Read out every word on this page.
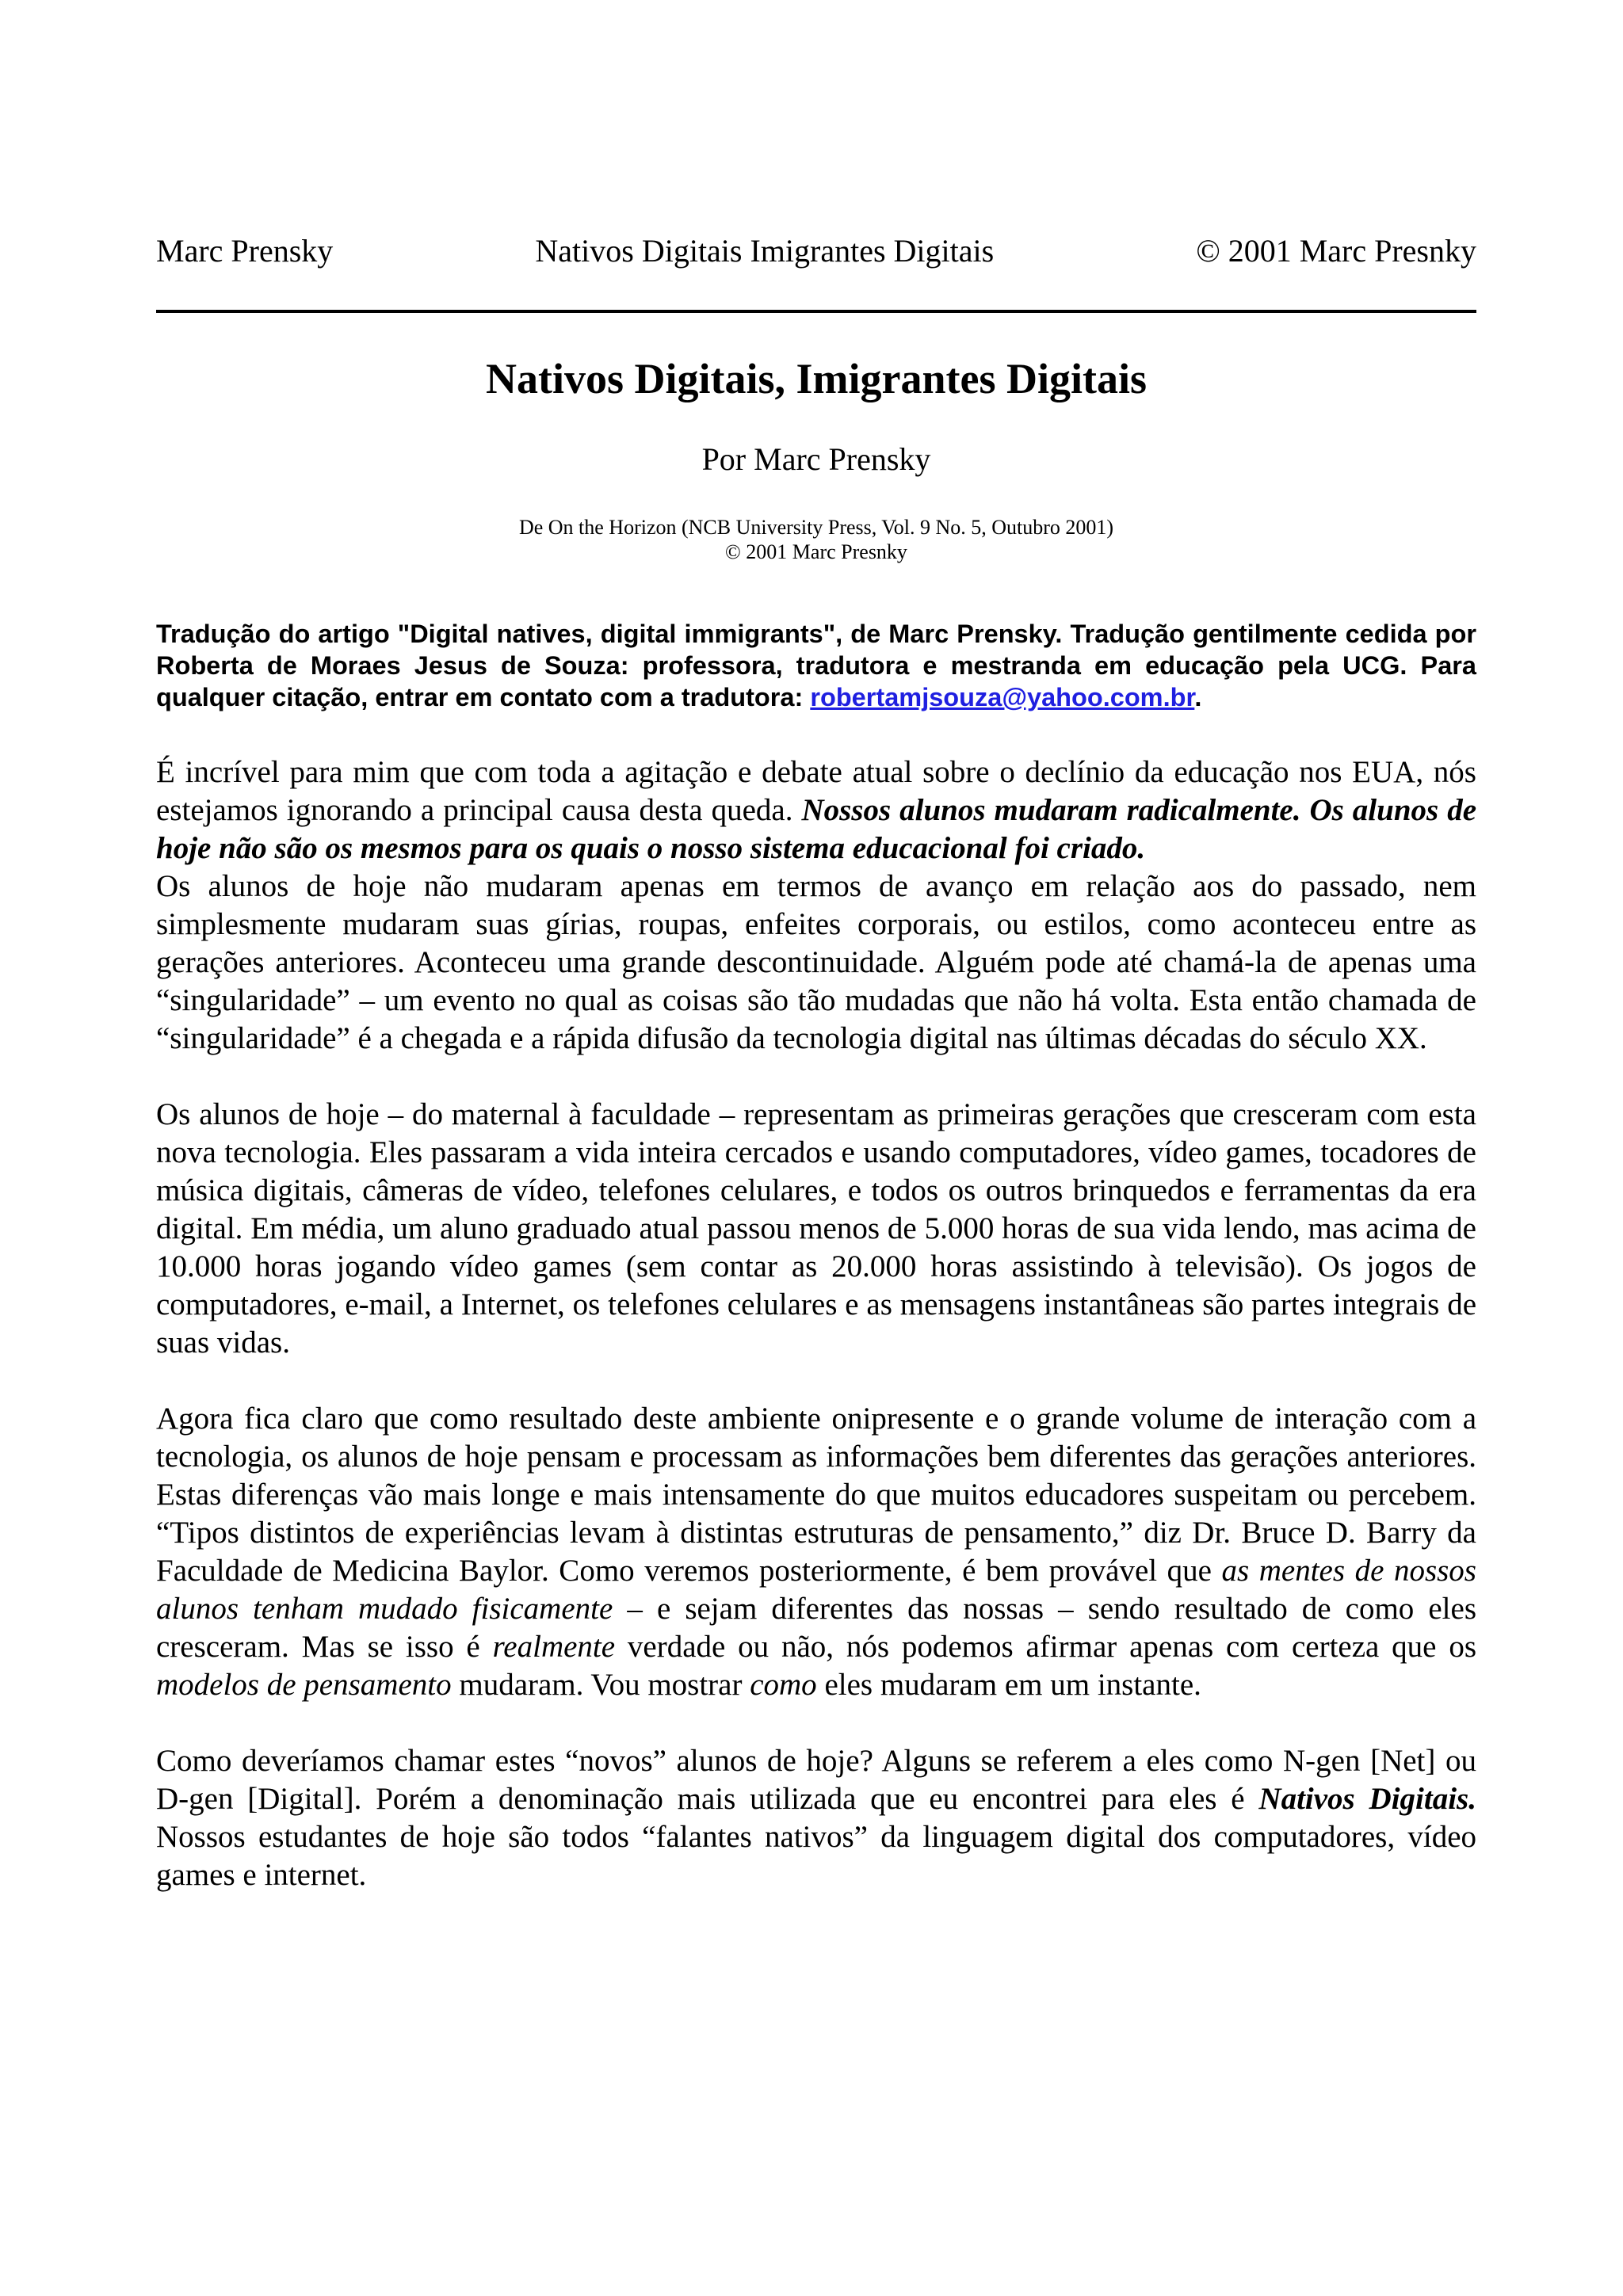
Marc Prensky	Nativos Digitais Imigrantes Digitais	© 2001 Marc Presnky
Nativos Digitais, Imigrantes Digitais
Por Marc Prensky
De On the Horizon (NCB University Press, Vol. 9 No. 5, Outubro 2001)
© 2001 Marc Presnky
Tradução do artigo "Digital natives, digital immigrants", de Marc Prensky. Tradução gentilmente cedida por Roberta de Moraes Jesus de Souza: professora, tradutora e mestranda em educação pela UCG. Para qualquer citação, entrar em contato com a tradutora: robertamjsouza@yahoo.com.br.

É incrível para mim que com toda a agitação e debate atual sobre o declínio da educação nos EUA, nós estejamos ignorando a principal causa desta queda. Nossos alunos mudaram radicalmente. Os alunos de hoje não são os mesmos para os quais o nosso sistema educacional foi criado.

Os alunos de hoje não mudaram apenas em termos de avanço em relação aos do passado, nem simplesmente mudaram suas gírias, roupas, enfeites corporais, ou estilos, como aconteceu entre as gerações anteriores. Aconteceu uma grande descontinuidade. Alguém pode até chamá-la de apenas uma “singularidade” – um evento no qual as coisas são tão mudadas que não há volta. Esta então chamada de “singularidade” é a chegada e a rápida difusão da tecnologia digital nas últimas décadas do século XX.

Os alunos de hoje – do maternal à faculdade – representam as primeiras gerações que cresceram com esta nova tecnologia. Eles passaram a vida inteira cercados e usando computadores, vídeo games, tocadores de música digitais, câmeras de vídeo, telefones celulares, e todos os outros brinquedos e ferramentas da era digital. Em média, um aluno graduado atual passou menos de 5.000 horas de sua vida lendo, mas acima de 10.000 horas jogando vídeo games (sem contar as 20.000 horas assistindo à televisão). Os jogos de computadores, e-mail, a Internet, os telefones celulares e as mensagens instantâneas são partes integrais de suas vidas.

Agora fica claro que como resultado deste ambiente onipresente e o grande volume de interação com a tecnologia, os alunos de hoje pensam e processam as informações bem diferentes das gerações anteriores. Estas diferenças vão mais longe e mais intensamente do que muitos educadores suspeitam ou percebem. “Tipos distintos de experiências levam à distintas estruturas de pensamento,” diz Dr. Bruce D. Barry da Faculdade de Medicina Baylor. Como veremos posteriormente, é bem provável que as mentes de nossos alunos tenham mudado fisicamente – e sejam diferentes das nossas – sendo resultado de como eles cresceram. Mas se isso é realmente verdade ou não, nós podemos afirmar apenas com certeza que os modelos de pensamento mudaram. Vou mostrar como eles mudaram em um instante.

Como deveríamos chamar estes “novos” alunos de hoje? Alguns se referem a eles como N-gen [Net] ou D-gen [Digital]. Porém a denominação mais utilizada que eu encontrei para eles é Nativos Digitais. Nossos estudantes de hoje são todos “falantes nativos” da linguagem digital dos computadores, vídeo games e internet.
